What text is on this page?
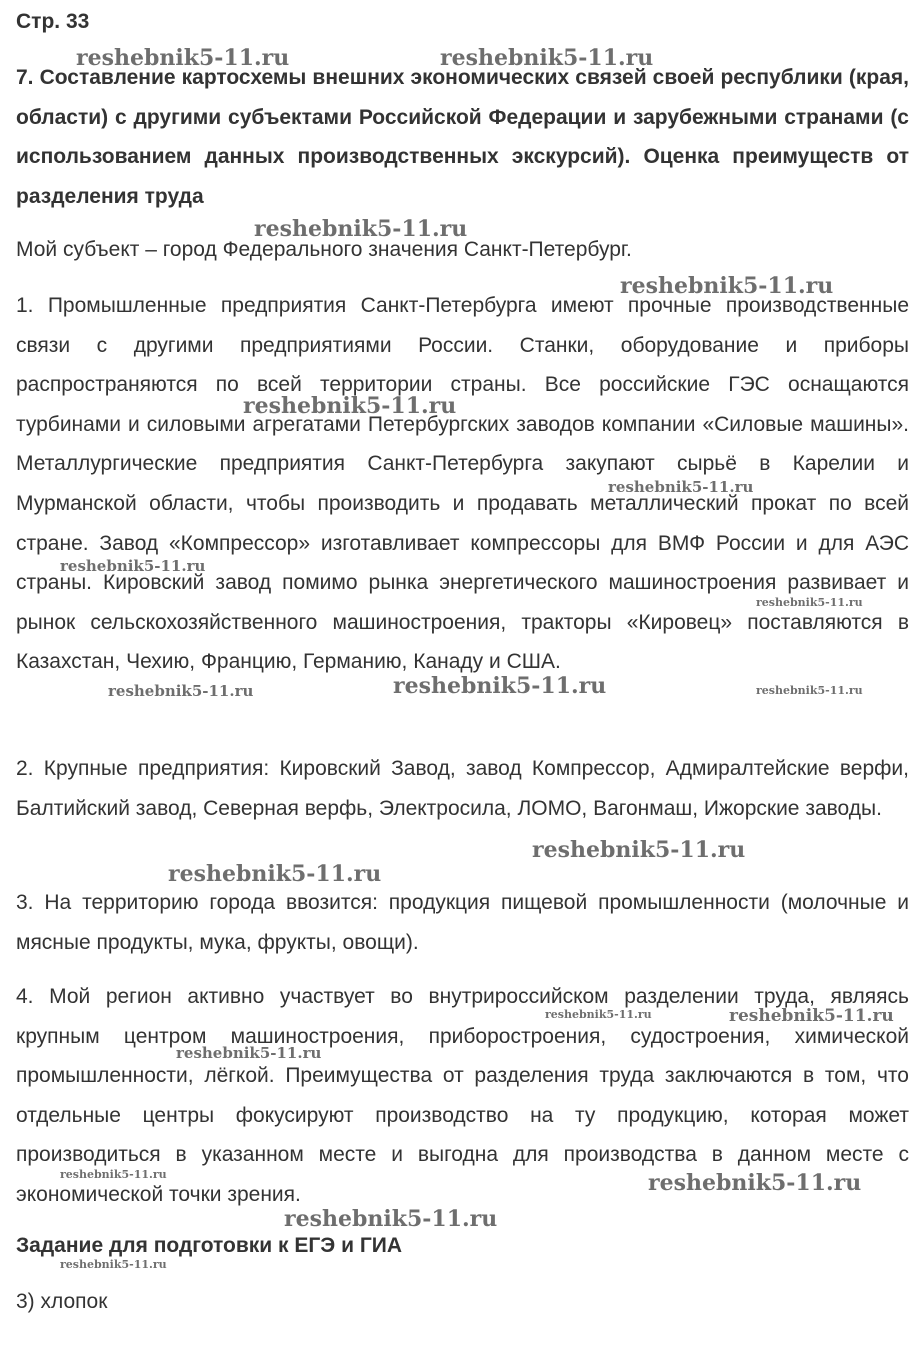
Стр. 33

7. Составление картосхемы внешних экономических связей своей республики (края, области) с другими субъектами Российской Федерации и зарубежными странами (с использованием данных производственных экскурсий). Оценка преимуществ от разделения труда

Мой субъект – город Федерального значения Санкт-Петербург.

1. Промышленные предприятия Санкт-Петербурга имеют прочные производственные связи с другими предприятиями России. Станки, оборудование и приборы распространяются по всей территории страны. Все российские ГЭС оснащаются турбинами и силовыми агрегатами Петербургских заводов компании «Силовые машины». Металлургические предприятия Санкт-Петербурга закупают сырьё в Карелии и Мурманской области, чтобы производить и продавать металлический прокат по всей стране. Завод «Компрессор» изготавливает компрессоры для ВМФ России и для АЭС страны. Кировский завод помимо рынка энергетического машиностроения развивает и рынок сельскохозяйственного машиностроения, тракторы «Кировец» поставляются в Казахстан, Чехию, Францию, Германию, Канаду и США.

2. Крупные предприятия: Кировский Завод, завод Компрессор, Адмиралтейские верфи, Балтийский завод, Северная верфь, Электросила, ЛОМО, Вагонмаш, Ижорские заводы.

3. На территорию города ввозится: продукция пищевой промышленности (молочные и мясные продукты, мука, фрукты, овощи).

4. Мой регион активно участвует во внутрироссийском разделении труда, являясь крупным центром машиностроения, приборостроения, судостроения, химической промышленности, лёгкой. Преимущества от разделения труда заключаются в том, что отдельные центры фокусируют производство на ту продукцию, которая может производиться в указанном месте и выгодна для производства в данном месте с экономической точки зрения.

Задание для подготовки к ЕГЭ и ГИА
3) хлопок
reshebnik5-11.ru	reshebnik5-11.ru
reshebnik5-11.ru
reshebnik5-11.ru
reshebnik5-11.ru
reshebnik5-11.ru
reshebnik5-11.ru
reshebnik5-11.ru
reshebnik5-11.ru	reshebnik5-11.ru	reshebnik5-11.ru
reshebnik5-11.ru
reshebnik5-11.ru
reshebnik5-11.ru	reshebnik5-11.ru
reshebnik5-11.ru
reshebnik5-11.ru	reshebnik5-11.ru
reshebnik5-11.ru
reshebnik5-11.ru
